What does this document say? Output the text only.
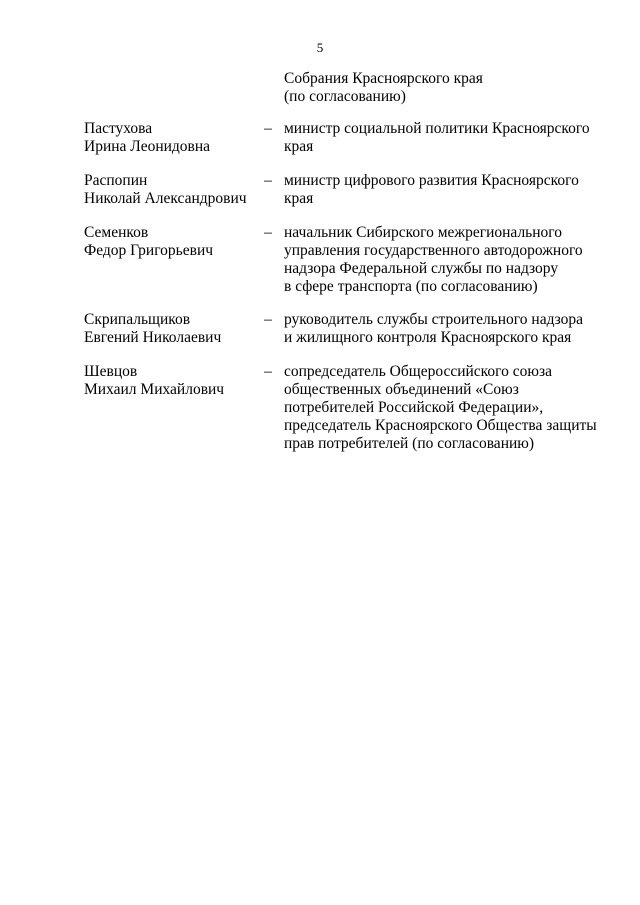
5
Собрания Красноярского края
(по согласованию)
Пастухова
Ирина Леонидовна
– министр социальной политики Красноярского
края
Распопин
Николай Александрович
– министр цифрового развития Красноярского
края
Семенков
Федор Григорьевич
– начальник Сибирского межрегионального
управления государственного автодорожного
надзора Федеральной службы по надзору
в сфере транспорта (по согласованию)
Скрипальщиков
Евгений Николаевич
– руководитель службы строительного надзора
и жилищного контроля Красноярского края
Шевцов
Михаил Михайлович
– сопредседатель Общероссийского союза
общественных объединений «Союз
потребителей Российской Федерации»,
председатель Красноярского Общества защиты
прав потребителей (по согласованию)
